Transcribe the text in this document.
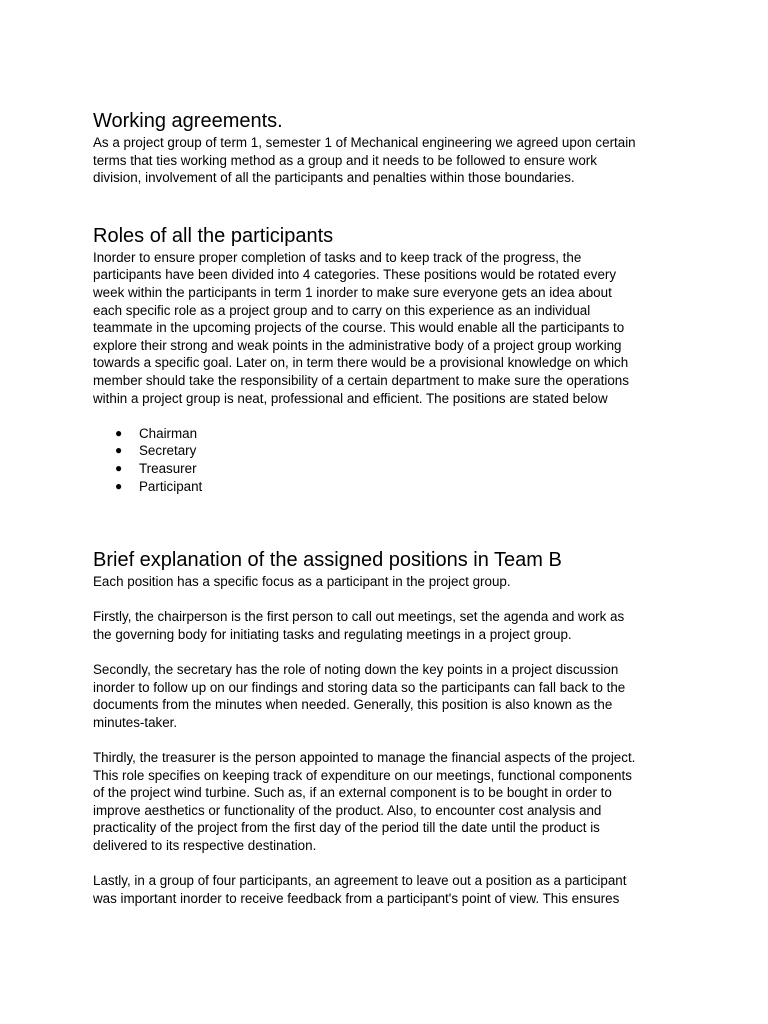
Working agreements.

As a project group of term 1, semester 1 of Mechanical engineering we agreed upon certain
terms that ties working method as a group and it needs to be followed to ensure work
division, involvement of all the participants and penalties within those boundaries.

Roles of all the participants

Inorder to ensure proper completion of tasks and to keep track of the progress, the
participants have been divided into 4 categories. These positions would be rotated every
week within the participants in term 1 inorder to make sure everyone gets an idea about
each specific role as a project group and to carry on this experience as an individual
teammate in the upcoming projects of the course. This would enable all the participants to
explore their strong and weak points in the administrative body of a project group working
towards a specific goal. Later on, in term there would be a provisional knowledge on which
member should take the responsibility of a certain department to make sure the operations
within a project group is neat, professional and efficient. The positions are stated below

● Chairman
● Secretary
● Treasurer
● Participant
Brief explanation of the assigned positions in Team B

Each position has a specific focus as a participant in the project group.

Firstly, the chairperson is the first person to call out meetings, set the agenda and work as
the governing body for initiating tasks and regulating meetings in a project group.

Secondly, the secretary has the role of noting down the key points in a project discussion
inorder to follow up on our findings and storing data so the participants can fall back to the
documents from the minutes when needed. Generally, this position is also known as the
minutes-taker.

Thirdly, the treasurer is the person appointed to manage the financial aspects of the project.
This role specifies on keeping track of expenditure on our meetings, functional components
of the project wind turbine. Such as, if an external component is to be bought in order to
improve aesthetics or functionality of the product. Also, to encounter cost analysis and
practicality of the project from the first day of the period till the date until the product is
delivered to its respective destination.

Lastly, in a group of four participants, an agreement to leave out a position as a participant
was important inorder to receive feedback from a participant's point of view. This ensures
